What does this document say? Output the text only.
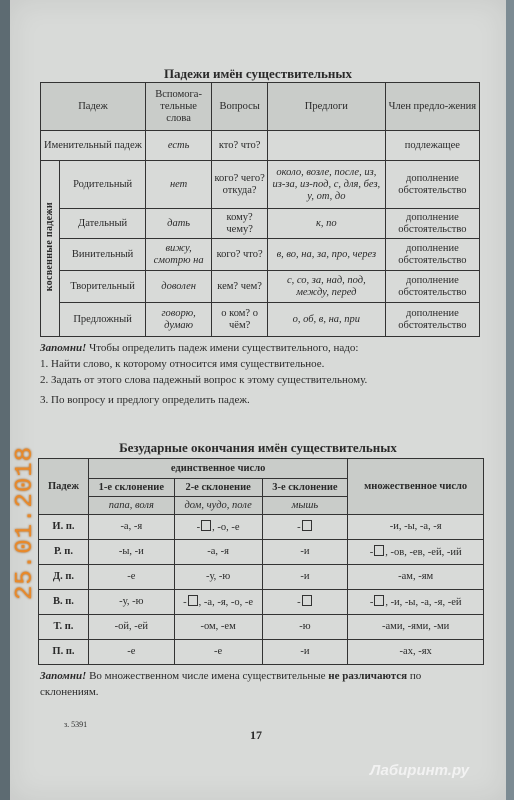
Падежи имён существительных
Падеж		Вспомога-тельные слова	Вопросы	Предлоги	Член предло-жения
Именительный падеж		есть	кто? что?		подлежащее
косвенные падежи	Родительный	нет	кого? чего? откуда?	около, возле, после, из, из-за, из-под, с, для, без, у, от, до	дополнение обстоятельство
	Дательный	дать	кому? чему?	к, по	дополнение обстоятельство
	Винительный	вижу, смотрю на	кого? что?	в, во, на, за, про, через	дополнение обстоятельство
	Творительный	доволен	кем? чем?	с, со, за, над, под, между, перед	дополнение обстоятельство
	Предложный	говорю, думаю	о ком? о чём?	о, об, в, на, при	дополнение обстоятельство
Запомни! Чтобы определить падеж имени существительного, надо:
1. Найти слово, к которому относится имя существительное.
2. Задать от этого слова падежный вопрос к этому существительному.
3. По вопросу и предлогу определить падеж.
Безударные окончания имён существительных
Падеж	единственное число			множественное число
	1-е склонение	2-е склонение	3-е склонение	
	папа, воля	дом, чудо, поле	мышь	
И. п.	-а, -я	- , -о, -е	-	-и, -ы, -а, -я
Р. п.	-ы, -и	-а, -я	-и	- , -ов, -ев, -ей, -ий
Д. п.	-е	-у, -ю	-и	-ам, -ям
В. п.	-у, -ю	- , -а, -я, -о, -е	-	- , -и, -ы, -а, -я, -ей
Т. п.	-ой, -ей	-ом, -ем	-ю	-ами, -ями, -ми
П. п.	-е	-е	-и	-ах, -ях
Запомни! Во множественном числе имена существительные не различаются по склонениям.
з. 5391
17
25.01.2018
Лабиринт.ру
